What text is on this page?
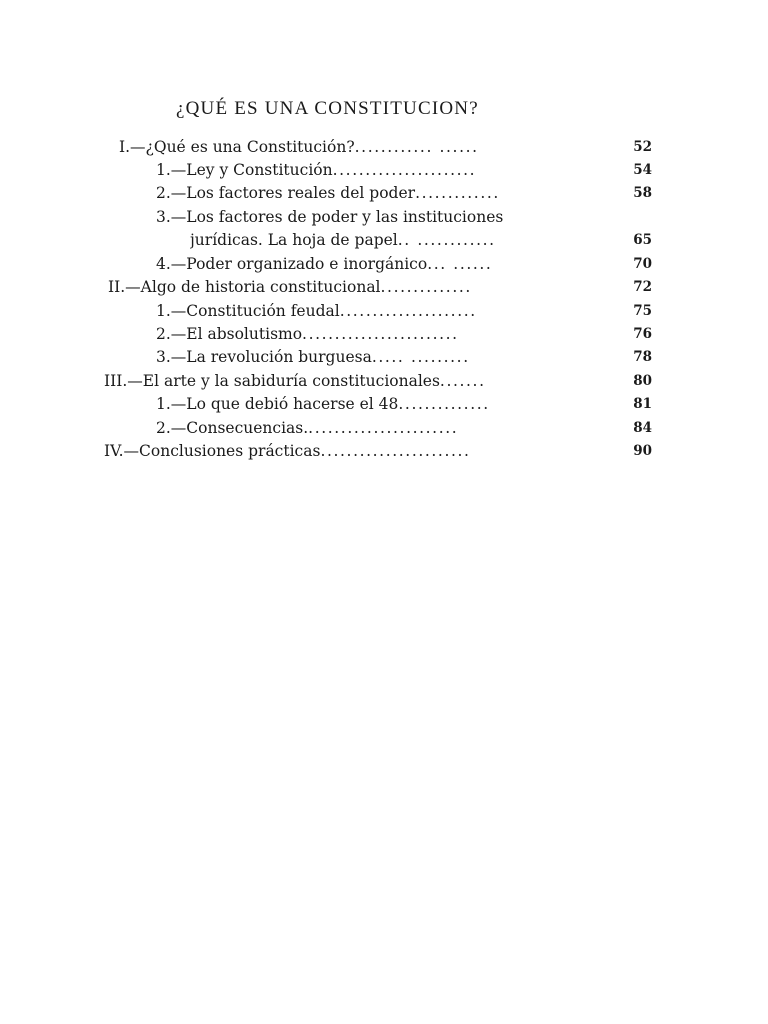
¿QUÉ ES UNA CONSTITUCION?
I.—¿Qué es una Constitución?............ ......	52
1.—Ley y Constitución......................	54
2.—Los factores reales del poder.............	58
3.—Los factores de poder y las instituciones
jurídicas. La hoja de papel.. ............	65
4.—Poder organizado e inorgánico... ......	70
II.—Algo de historia constitucional..............	72
1.—Constitución feudal.....................	75
2.—El absolutismo........................	76
3.—La revolución burguesa..... .........	78
III.—El arte y la sabiduría constitucionales.......	80
1.—Lo que debió hacerse el 48..............	81
2.—Consecuencias........................	84
IV.—Conclusiones prácticas.......................	90
